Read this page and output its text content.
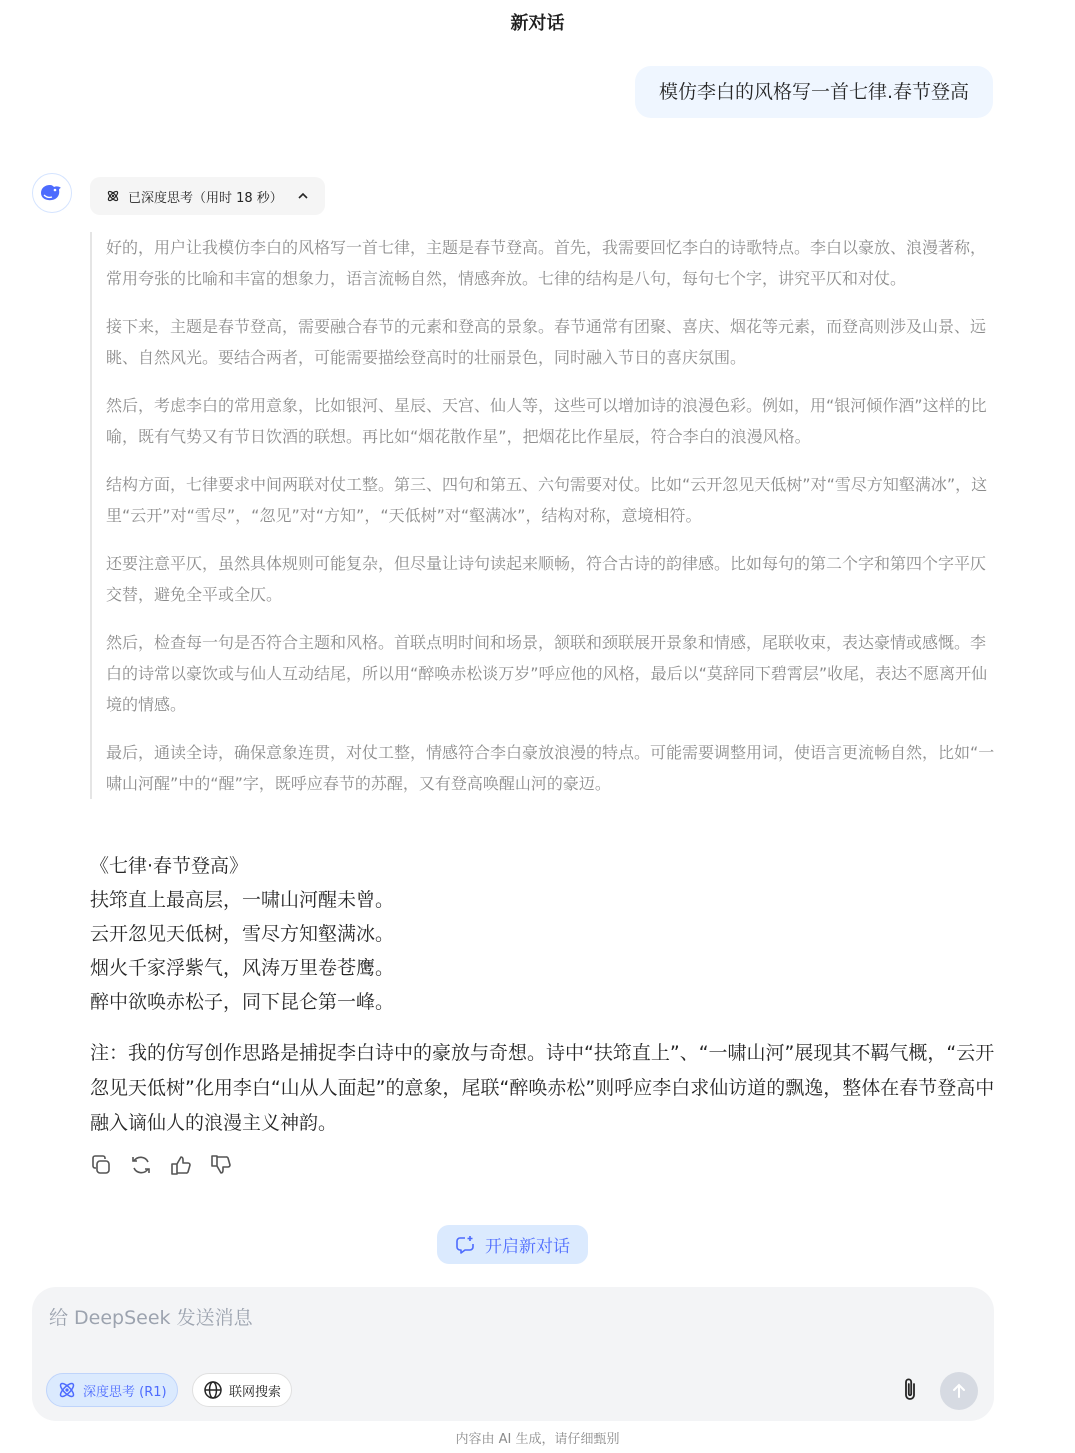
新对话
模仿李白的风格写一首七律.春节登高
已深度思考（用时 18 秒）

好的，用户让我模仿李白的风格写一首七律，主题是春节登高。首先，我需要回忆李白的诗歌特点。李白以豪放、浪漫著称，常用夸张的比喻和丰富的想象力，语言流畅自然，情感奔放。七律的结构是八句，每句七个字，讲究平仄和对仗。

接下来，主题是春节登高，需要融合春节的元素和登高的景象。春节通常有团聚、喜庆、烟花等元素，而登高则涉及山景、远眺、自然风光。要结合两者，可能需要描绘登高时的壮丽景色，同时融入节日的喜庆氛围。

然后，考虑李白的常用意象，比如银河、星辰、天宫、仙人等，这些可以增加诗的浪漫色彩。例如，用“银河倾作酒”这样的比喻，既有气势又有节日饮酒的联想。再比如“烟花散作星”，把烟花比作星辰，符合李白的浪漫风格。

结构方面，七律要求中间两联对仗工整。第三、四句和第五、六句需要对仗。比如“云开忽见天低树”对“雪尽方知壑满冰”，这里“云开”对“雪尽”，“忽见”对“方知”，“天低树”对“壑满冰”，结构对称，意境相符。

还要注意平仄，虽然具体规则可能复杂，但尽量让诗句读起来顺畅，符合古诗的韵律感。比如每句的第二个字和第四个字平仄交替，避免全平或全仄。

然后，检查每一句是否符合主题和风格。首联点明时间和场景，颔联和颈联展开景象和情感，尾联收束，表达豪情或感慨。李白的诗常以豪饮或与仙人互动结尾，所以用“醉唤赤松谈万岁”呼应他的风格，最后以“莫辞同下碧霄层”收尾，表达不愿离开仙境的情感。

最后，通读全诗，确保意象连贯，对仗工整，情感符合李白豪放浪漫的特点。可能需要调整用词，使语言更流畅自然，比如“一啸山河醒”中的“醒”字，既呼应春节的苏醒，又有登高唤醒山河的豪迈。

《七律·春节登高》
扶筇直上最高层，一啸山河醒未曾。
云开忽见天低树，雪尽方知壑满冰。
烟火千家浮紫气，风涛万里卷苍鹰。
醉中欲唤赤松子，同下昆仑第一峰。
注：我的仿写创作思路是捕捉李白诗中的豪放与奇想。诗中“扶筇直上”、“一啸山河”展现其不羁气概，“云开忽见天低树”化用李白“山从人面起”的意象，尾联“醉唤赤松”则呼应李白求仙访道的飘逸，整体在春节登高中融入谪仙人的浪漫主义神韵。
开启新对话
给 DeepSeek 发送消息
深度思考 (R1)	联网搜索
内容由 AI 生成，请仔细甄别
